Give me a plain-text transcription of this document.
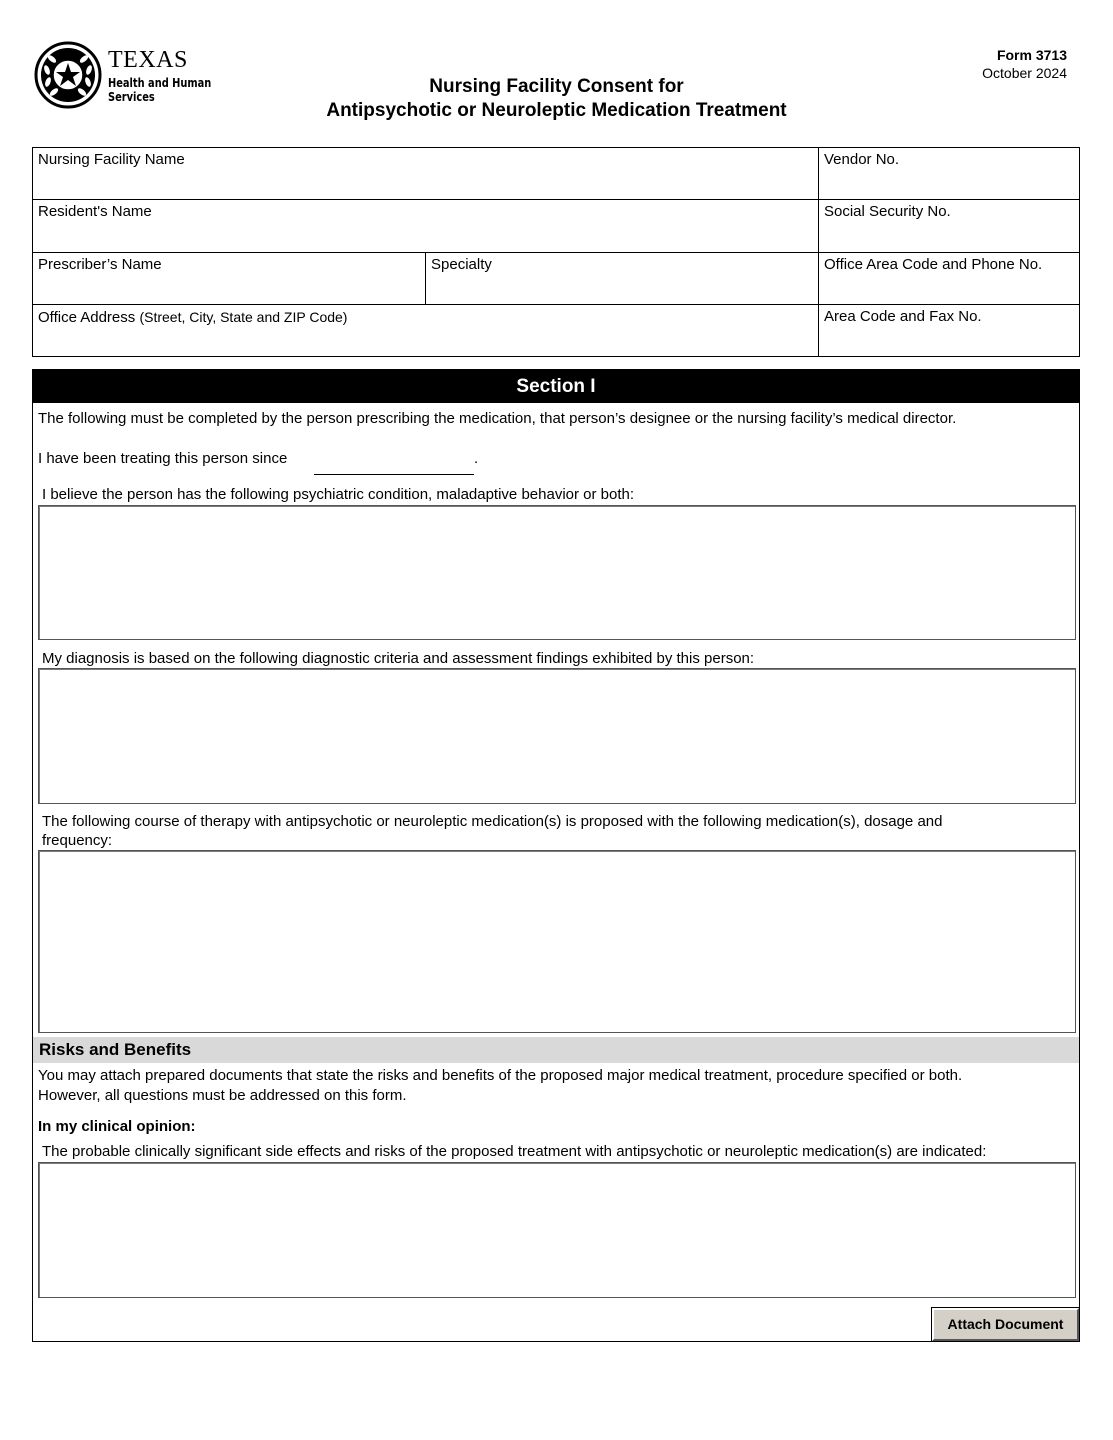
TEXAS
Health and Human
Services
Form 3713
October 2024
Nursing Facility Consent for
Antipsychotic or Neuroleptic Medication Treatment
Nursing Facility Name	Vendor No.
Resident's Name	Social Security No.
Prescriber’s Name	Specialty	Office Area Code and Phone No.
Office Address (Street, City, State and ZIP Code)	Area Code and Fax No.
Section I
The following must be completed by the person prescribing the medication, that person’s designee or the nursing facility’s medical director.
I have been treating this person since	.
I believe the person has the following psychiatric condition, maladaptive behavior or both:
My diagnosis is based on the following diagnostic criteria and assessment findings exhibited by this person:
The following course of therapy with antipsychotic or neuroleptic medication(s) is proposed with the following medication(s), dosage and
frequency:
Risks and Benefits
You may attach prepared documents that state the risks and benefits of the proposed major medical treatment, procedure specified or both.
However, all questions must be addressed on this form.
In my clinical opinion:
The probable clinically significant side effects and risks of the proposed treatment with antipsychotic or neuroleptic medication(s) are indicated:
Attach Document
